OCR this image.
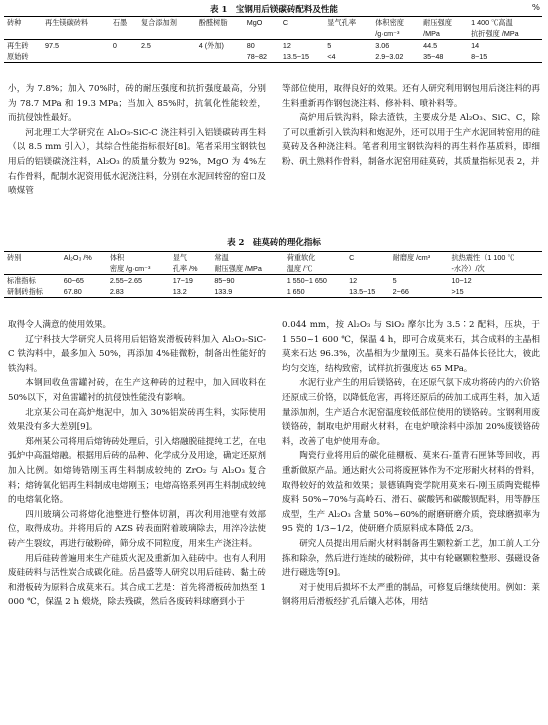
表 1　宝钢用后镁碳砖配料及性能	%
砖种	再生镁碳砖料	石墨	复合添加剂	酚醛树脂	MgO	C	显气孔率	体积密度	耐压强度	1 400 ℃高温
								/g·cm⁻³	/MPa	抗折强度 /MPa
再生砖	97.5	0	2.5	4 (外加)	80	12	5	3.06	44.5	14
原始砖					78~82	13.5~15	<4	2.9~3.02	35~48	8~15

小，为 7.8%；加入 70%时，砖的耐压强度和抗折强度最高，分别为 78.7 MPa 和 19.3 MPa；当加入 85%时，抗氧化性能较差，而抗侵蚀性最好。

河北理工大学研究在 Al₂O₃-SiC-C 浇注料引入铝镁碳砖再生料（以 8.5 mm 引入），其综合性能指标很好[8]。笔者采用宝钢铁包用后的铝镁碳浇注料，Al₂O₃ 的质量分数为 92%，MgO 为 4%左右作骨料，配制水泥资用低水泥浇注料，分别在水泥回转窑的窑口及喷煤管

等部位使用，取得良好的效果。还有人研究利用钢包用后浇注料的再生料重新再作钢包浇注料、修补料、喷补料等。

高炉用后铁沟料，除去渣铁，主要成分是 Al₂O₃、SiC、C，除了可以重新引入铁沟料和炮泥外，还可以用于生产水泥回转窑用的硅莫砖及各种浇注料。笔者利用宝钢铁沟料的再生料作基质料，即细粉、矾土熟料作骨料，制备水泥窑用硅莫砖，其质量指标见表 2，并

表 2　硅莫砖的理化指标
砖别	Al₂O₃ /%	体积	显气	常温	荷重软化	C	耐磨度 /cm³	抗热震性（1 100 ℃
		密度 /g·cm⁻³	孔率 /%	耐压强度 /MPa	温度 /℃			-水冷）/次
标准指标	60~65	2.55~2.65	17~19	85~90	1 550~1 650	12	5	10~12
研制砖指标	67.80	2.83	13.2	133.9	1 650	13.5~15	2~66	>15

取得令人满意的使用效果。

辽宁科技大学研究人员将用后铝铬炭滑板砖料加入 Al₂O₃-SiC-C 铁沟料中，最多加入 50%，再添加 4%硅微粉，制备出性能好的铁沟料。

本钢回收鱼雷罐衬砖，在生产这种砖的过程中，加入回收料在 50%以下，对鱼雷罐衬的抗侵蚀性能没有影响。

北京某公司在高炉炮泥中，加入 30%铝炭砖再生料，实际使用效果没有多大差别[9]。

郑州某公司将用后熔铸砖处理后，引入熔融脱硅提纯工艺，在电弧炉中高温熔融。根据用后砖的品种、化学成分及用途，确定还原剂加入比例。如熔铸锆刚玉再生料制成较纯的 ZrO₂ 与 Al₂O₃ 复合料；熔铸氧化铝再生料制成电熔刚玉；电熔高铬系列再生料制成较纯的电熔氧化铬。

四川玻璃公司将熔化池整进行整体切割，再次利用池壁有效部位，取得成功。并将用后的 AZS 砖表面附着玻璃除去，用淬冷法使砖产生裂纹，再进行破粉碎，筛分成不同粒度，用来生产浇注料。

用后硅砖普遍用来生产硅质火泥及重新加入硅砖中。也有人利用废硅砖料与活性炭合成碳化硅。岳昌盛等人研究以用后硅砖、黏土砖和滑板砖为原料合成莫来石。其合成工艺是：首先将滑板砖加热至 1 000 ℃，保温 2 h 煅烧，除去残碳，然后各废砖料球磨到小于

0.044 mm，按 Al₂O₃ 与 SiO₂ 摩尔比为 3.5∶2 配料，压块，于 1 550~1 600 ℃，保温 4 h，即可合成莫来石，其合成料的主晶相莫来石达 96.3%，次晶相为少量刚玉。莫来石晶体长径比大，彼此均匀交连，结构致密，试样抗折强度达 65 MPa。

水泥行业产生的用后镁铬砖，在还原气氛下成功将砖内的六价铬还原成三价铬，以降低危害，再将还原后的砖加工成再生料，加入适量添加剂，生产适合水泥窑温度较低部位使用的镁铬砖。宝钢利用废镁铬砖，制取电炉用耐火材料，在电炉喷涂料中添加 20%废镁铬砖料，改善了电炉使用寿命。

陶瓷行业将用后的碳化硅棚板、莫来石-堇青石匣钵等回收，再重新做原产品。通达耐火公司将废匣钵作为不定形耐火材料的骨料，取得较好的效益和效果；景德镇陶瓷学院用莫来石-刚玉质陶瓷辊棒废料 50%~70%与高岭石、滑石、碳酸钙和碳酸钡配料，用等静压成型，生产 Al₂O₃ 含量 50%~60%的耐磨研磨介质，瓷球磨损率为 95 瓷的 1/3~1/2，使研磨介质原料成本降低 2/3。

研究人员提出用后耐火材料制备再生颗粒新工艺，加工前人工分拣和除杂，然后进行连续的破粉碎，其中有轮碾颗粒整形、强磁设备进行磁选等[9]。

对于使用后损坏不太严重的制品，可修复后继续使用。例如：莱钢将用后滑板经扩孔后镶入芯体，用结
